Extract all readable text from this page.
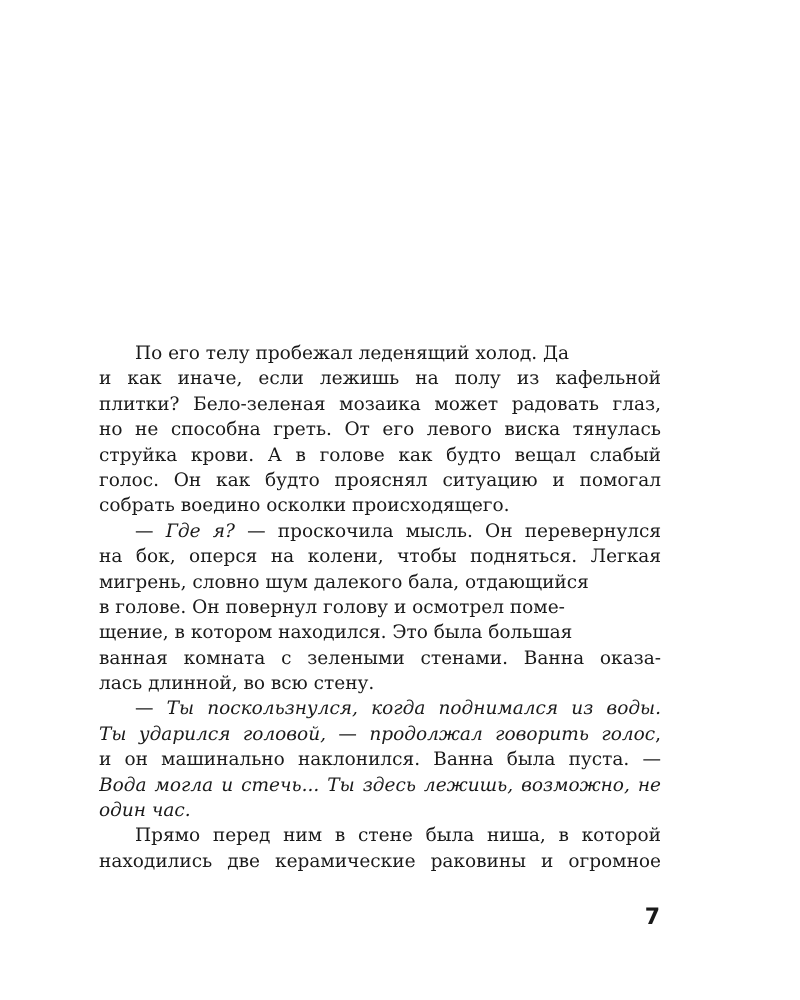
По его телу пробежал леденящий холод. Да
и как иначе, если лежишь на полу из кафельной
плитки? Бело-зеленая мозаика может радовать глаз,
но не способна греть. От его левого виска тянулась
струйка крови. А в голове как будто вещал слабый
голос. Он как будто прояснял ситуацию и помогал
собрать воедино осколки происходящего.
— Где я? — проскочила мысль. Он перевернулся
на бок, оперся на колени, чтобы подняться. Легкая
мигрень, словно шум далекого бала, отдающийся
в голове. Он повернул голову и осмотрел поме-
щение, в котором находился. Это была большая
ванная комната с зелеными стенами. Ванна оказа-
лась длинной, во всю стену.
— Ты поскользнулся, когда поднимался из воды.
Ты ударился головой, — продолжал говорить голос,
и он машинально наклонился. Ванна была пуста. —
Вода могла и стечь... Ты здесь лежишь, возможно, не
один час.
Прямо перед ним в стене была ниша, в которой
находились две керамические раковины и огромное
7
